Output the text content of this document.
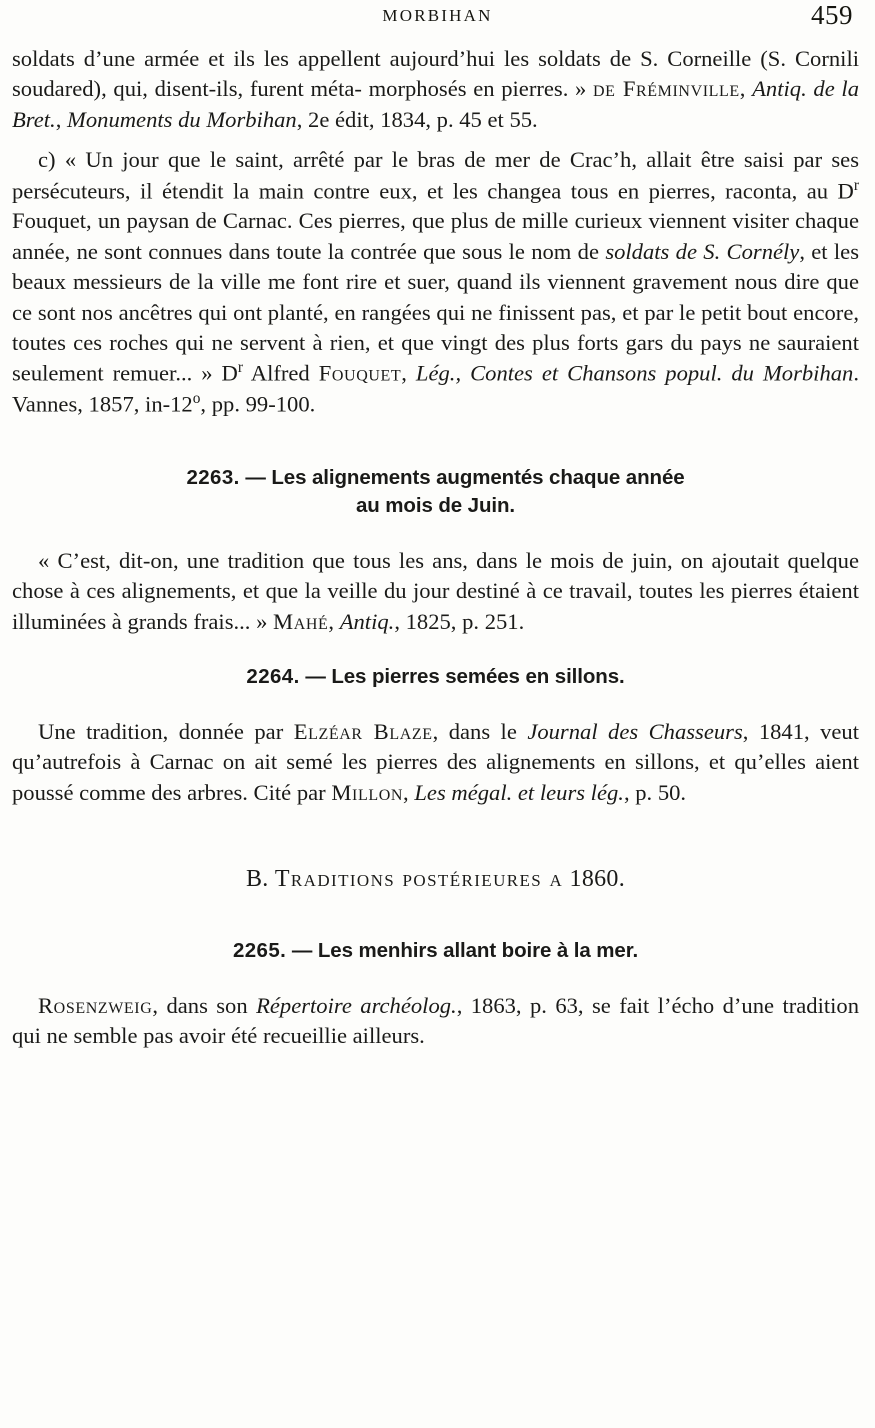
MORBIHAN	459

soldats d’une armée et ils les appellent aujourd’hui les soldats de S. Corneille (S. Cornili soudared), qui, disent-ils, furent méta- morphosés en pierres. » de Fréminville, Antiq. de la Bret., Monuments du Morbihan, 2e édit, 1834, p. 45 et 55.

c) « Un jour que le saint, arrêté par le bras de mer de Crac’h, allait être saisi par ses persécuteurs, il étendit la main contre eux, et les changea tous en pierres, raconta, au $D^r$ Fouquet, un paysan de Carnac. Ces pierres, que plus de mille curieux viennent visiter chaque année, ne sont connues dans toute la contrée que sous le nom de soldats de S. Cornély, et les beaux messieurs de la ville me font rire et suer, quand ils viennent gravement nous dire que ce sont nos ancêtres qui ont planté, en rangées qui ne finissent pas, et par le petit bout encore, toutes ces roches qui ne servent à rien, et que vingt des plus forts gars du pays ne sauraient seulement remuer... » $D^r$ Alfred Fouquet, Lég., Contes et Chansons popul. du Morbihan. Vannes, 1857, in-12$^o$, pp. 99-100.

2263. — Les alignements augmentés chaque année
au mois de Juin.

« C’est, dit-on, une tradition que tous les ans, dans le mois de juin, on ajoutait quelque chose à ces alignements, et que la veille du jour destiné à ce travail, toutes les pierres étaient illuminées à grands frais... » Mahé, Antiq., 1825, p. 251.

2264. — Les pierres semées en sillons.

Une tradition, donnée par Elzéar Blaze, dans le Journal des Chasseurs, 1841, veut qu’autrefois à Carnac on ait semé les pierres des alignements en sillons, et qu’elles aient poussé comme des arbres. Cité par Millon, Les mégal. et leurs lég., p. 50.

B. Traditions postérieures a 1860.
2265. — Les menhirs allant boire à la mer.

Rosenzweig, dans son Répertoire archéolog., 1863, p. 63, se fait l’écho d’une tradition qui ne semble pas avoir été recueillie ailleurs.
